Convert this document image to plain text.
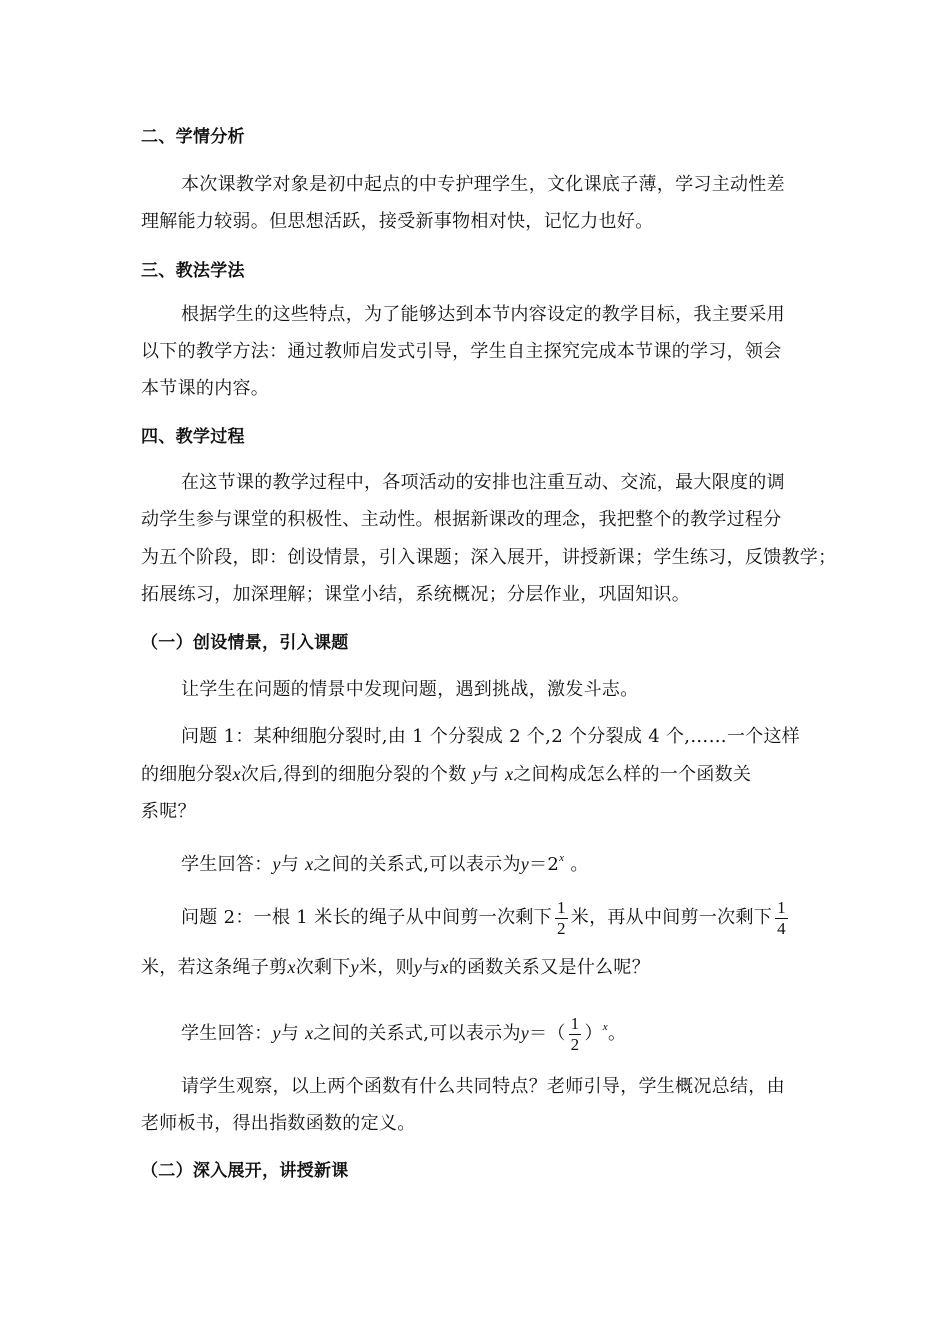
二、学情分析
本次课教学对象是初中起点的中专护理学生，文化课底子薄，学习主动性差
理解能力较弱。但思想活跃，接受新事物相对快，记忆力也好。
三、教法学法
根据学生的这些特点，为了能够达到本节内容设定的教学目标，我主要采用
以下的教学方法：通过教师启发式引导，学生自主探究完成本节课的学习，领会
本节课的内容。
四、教学过程
在这节课的教学过程中，各项活动的安排也注重互动、交流，最大限度的调
动学生参与课堂的积极性、主动性。根据新课改的理念，我把整个的教学过程分
为五个阶段，即：创设情景，引入课题；深入展开，讲授新课；学生练习，反馈教学；
拓展练习，加深理解；课堂小结，系统概况；分层作业，巩固知识。
（一）创设情景，引入课题
让学生在问题的情景中发现问题，遇到挑战，激发斗志。
问题 1：某种细胞分裂时,由 1 个分裂成 2 个,2 个分裂成 4 个,……一个这样
的细胞分裂x次后,得到的细胞分裂的个数 y与 x之间构成怎么样的一个函数关
系呢？
学生回答：y与 x之间的关系式,可以表示为$y=2^x$ 。
问题 2：一根 1 米长的绳子从中间剪一次剩下 $\frac{1}{2}$ 米，再从中间剪一次剩下 $\frac{1}{4}$
米，若这条绳子剪x次剩下y米，则y与x的函数关系又是什么呢？
学生回答：y与 x之间的关系式,可以表示为$y=( \frac{1}{2} )^x$。
请学生观察，以上两个函数有什么共同特点？老师引导，学生概况总结，由
老师板书，得出指数函数的定义。
（二）深入展开，讲授新课
